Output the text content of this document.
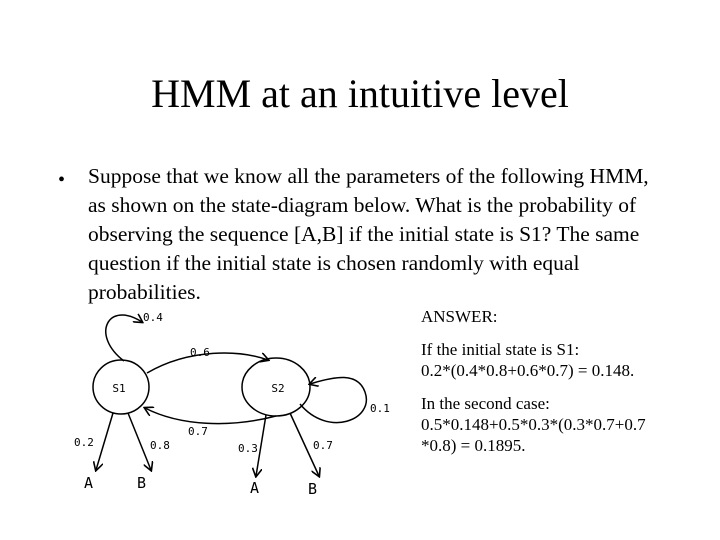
HMM at an intuitive level
• Suppose that we know all the parameters of the following HMM, as shown on the state-diagram below. What is the probability of observing the sequence [A,B] if the initial state is S1? The same question if the initial state is chosen randomly with equal probabilities.

ANSWER:

If the initial state is S1:
0.2*(0.4*0.8+0.6*0.7) = 0.148.

In the second case:
0.5*0.148+0.5*0.3*(0.3*0.7+0.7
*0.8) = 0.1895.

S1	S2
0.4
0.6
0.7
0.1
0.2	0.8	0.3	0.7
A	B	A	B
